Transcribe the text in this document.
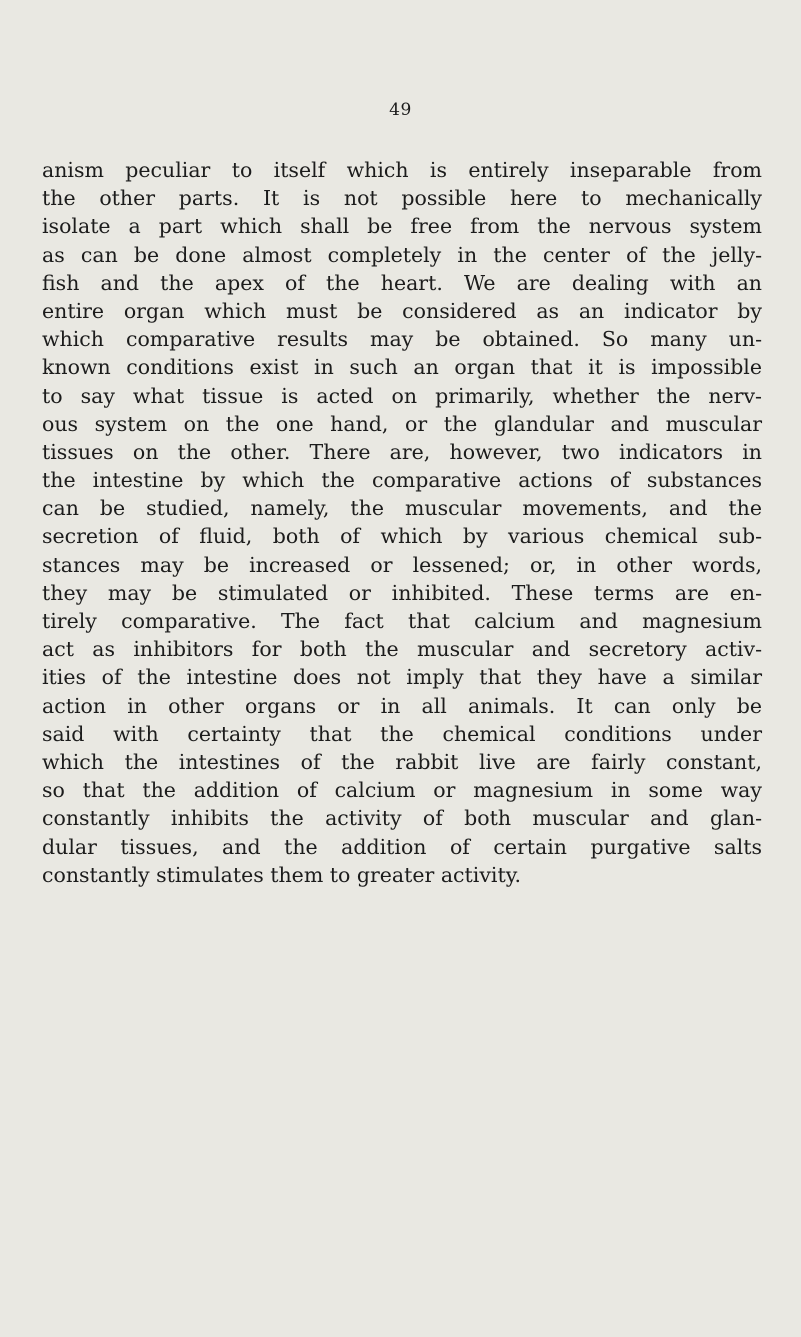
49
anism peculiar to itself which is entirely inseparable from
the other parts. It is not possible here to mechanically
isolate a part which shall be free from the nervous system
as can be done almost completely in the center of the jelly-
fish and the apex of the heart. We are dealing with an
entire organ which must be considered as an indicator by
which comparative results may be obtained. So many un-
known conditions exist in such an organ that it is impossible
to say what tissue is acted on primarily, whether the nerv-
ous system on the one hand, or the glandular and muscular
tissues on the other. There are, however, two indicators in
the intestine by which the comparative actions of substances
can be studied, namely, the muscular movements, and the
secretion of fluid, both of which by various chemical sub-
stances may be increased or lessened; or, in other words,
they may be stimulated or inhibited. These terms are en-
tirely comparative. The fact that calcium and magnesium
act as inhibitors for both the muscular and secretory activ-
ities of the intestine does not imply that they have a similar
action in other organs or in all animals. It can only be
said with certainty that the chemical conditions under
which the intestines of the rabbit live are fairly constant,
so that the addition of calcium or magnesium in some way
constantly inhibits the activity of both muscular and glan-
dular tissues, and the addition of certain purgative salts
constantly stimulates them to greater activity.
